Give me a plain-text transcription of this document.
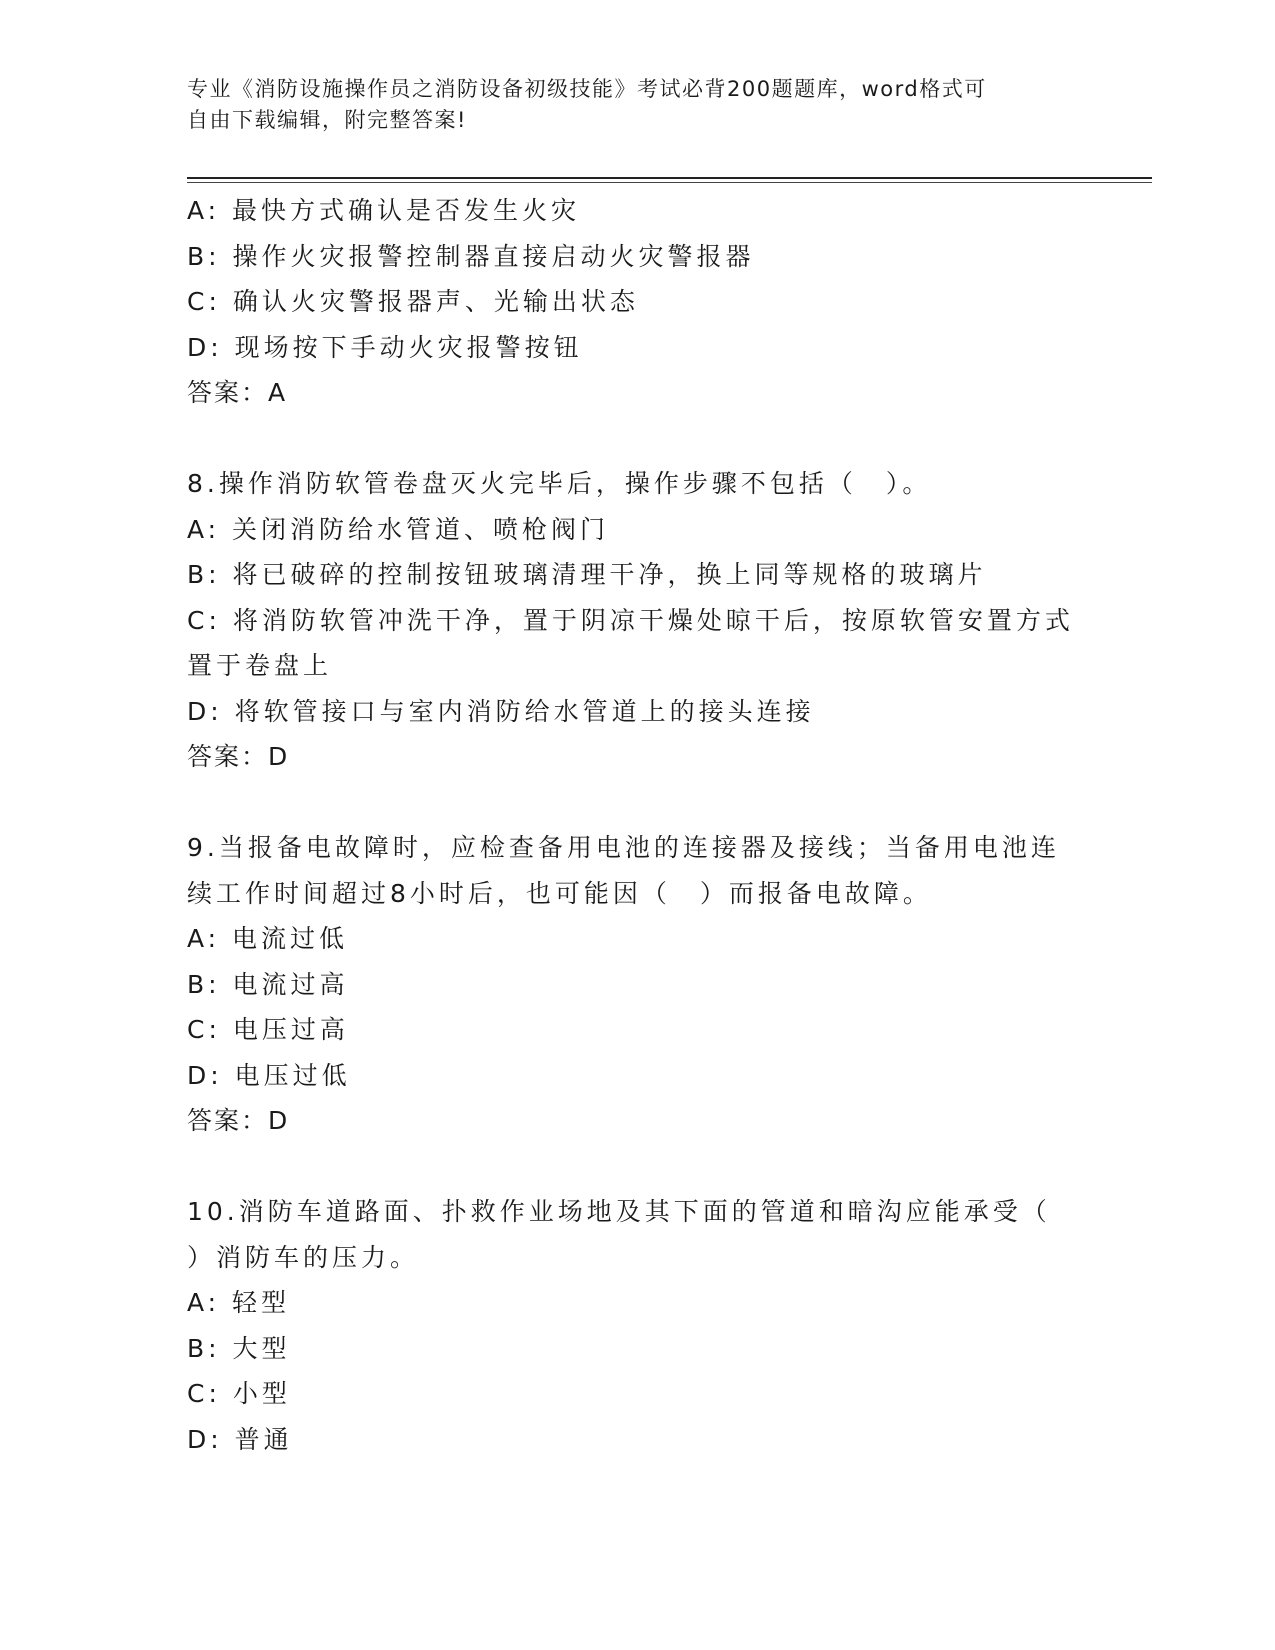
专业《消防设施操作员之消防设备初级技能》考试必背200题题库，word格式可
自由下载编辑，附完整答案!

A: 最快方式确认是否发生火灾

B: 操作火灾报警控制器直接启动火灾警报器

C: 确认火灾警报器声、光输出状态

D: 现场按下手动火灾报警按钮

答案：A

8.操作消防软管卷盘灭火完毕后，操作步骤不包括（　）。

A: 关闭消防给水管道、喷枪阀门

B: 将已破碎的控制按钮玻璃清理干净，换上同等规格的玻璃片

C: 将消防软管冲洗干净，置于阴凉干燥处晾干后，按原软管安置方式

置于卷盘上

D: 将软管接口与室内消防给水管道上的接头连接

答案：D

9.当报备电故障时，应检查备用电池的连接器及接线；当备用电池连

续工作时间超过8小时后，也可能因（　）而报备电故障。

A: 电流过低

B: 电流过高

C: 电压过高

D: 电压过低

答案：D

10.消防车道路面、扑救作业场地及其下面的管道和暗沟应能承受（

）消防车的压力。

A: 轻型

B: 大型

C: 小型

D: 普通
